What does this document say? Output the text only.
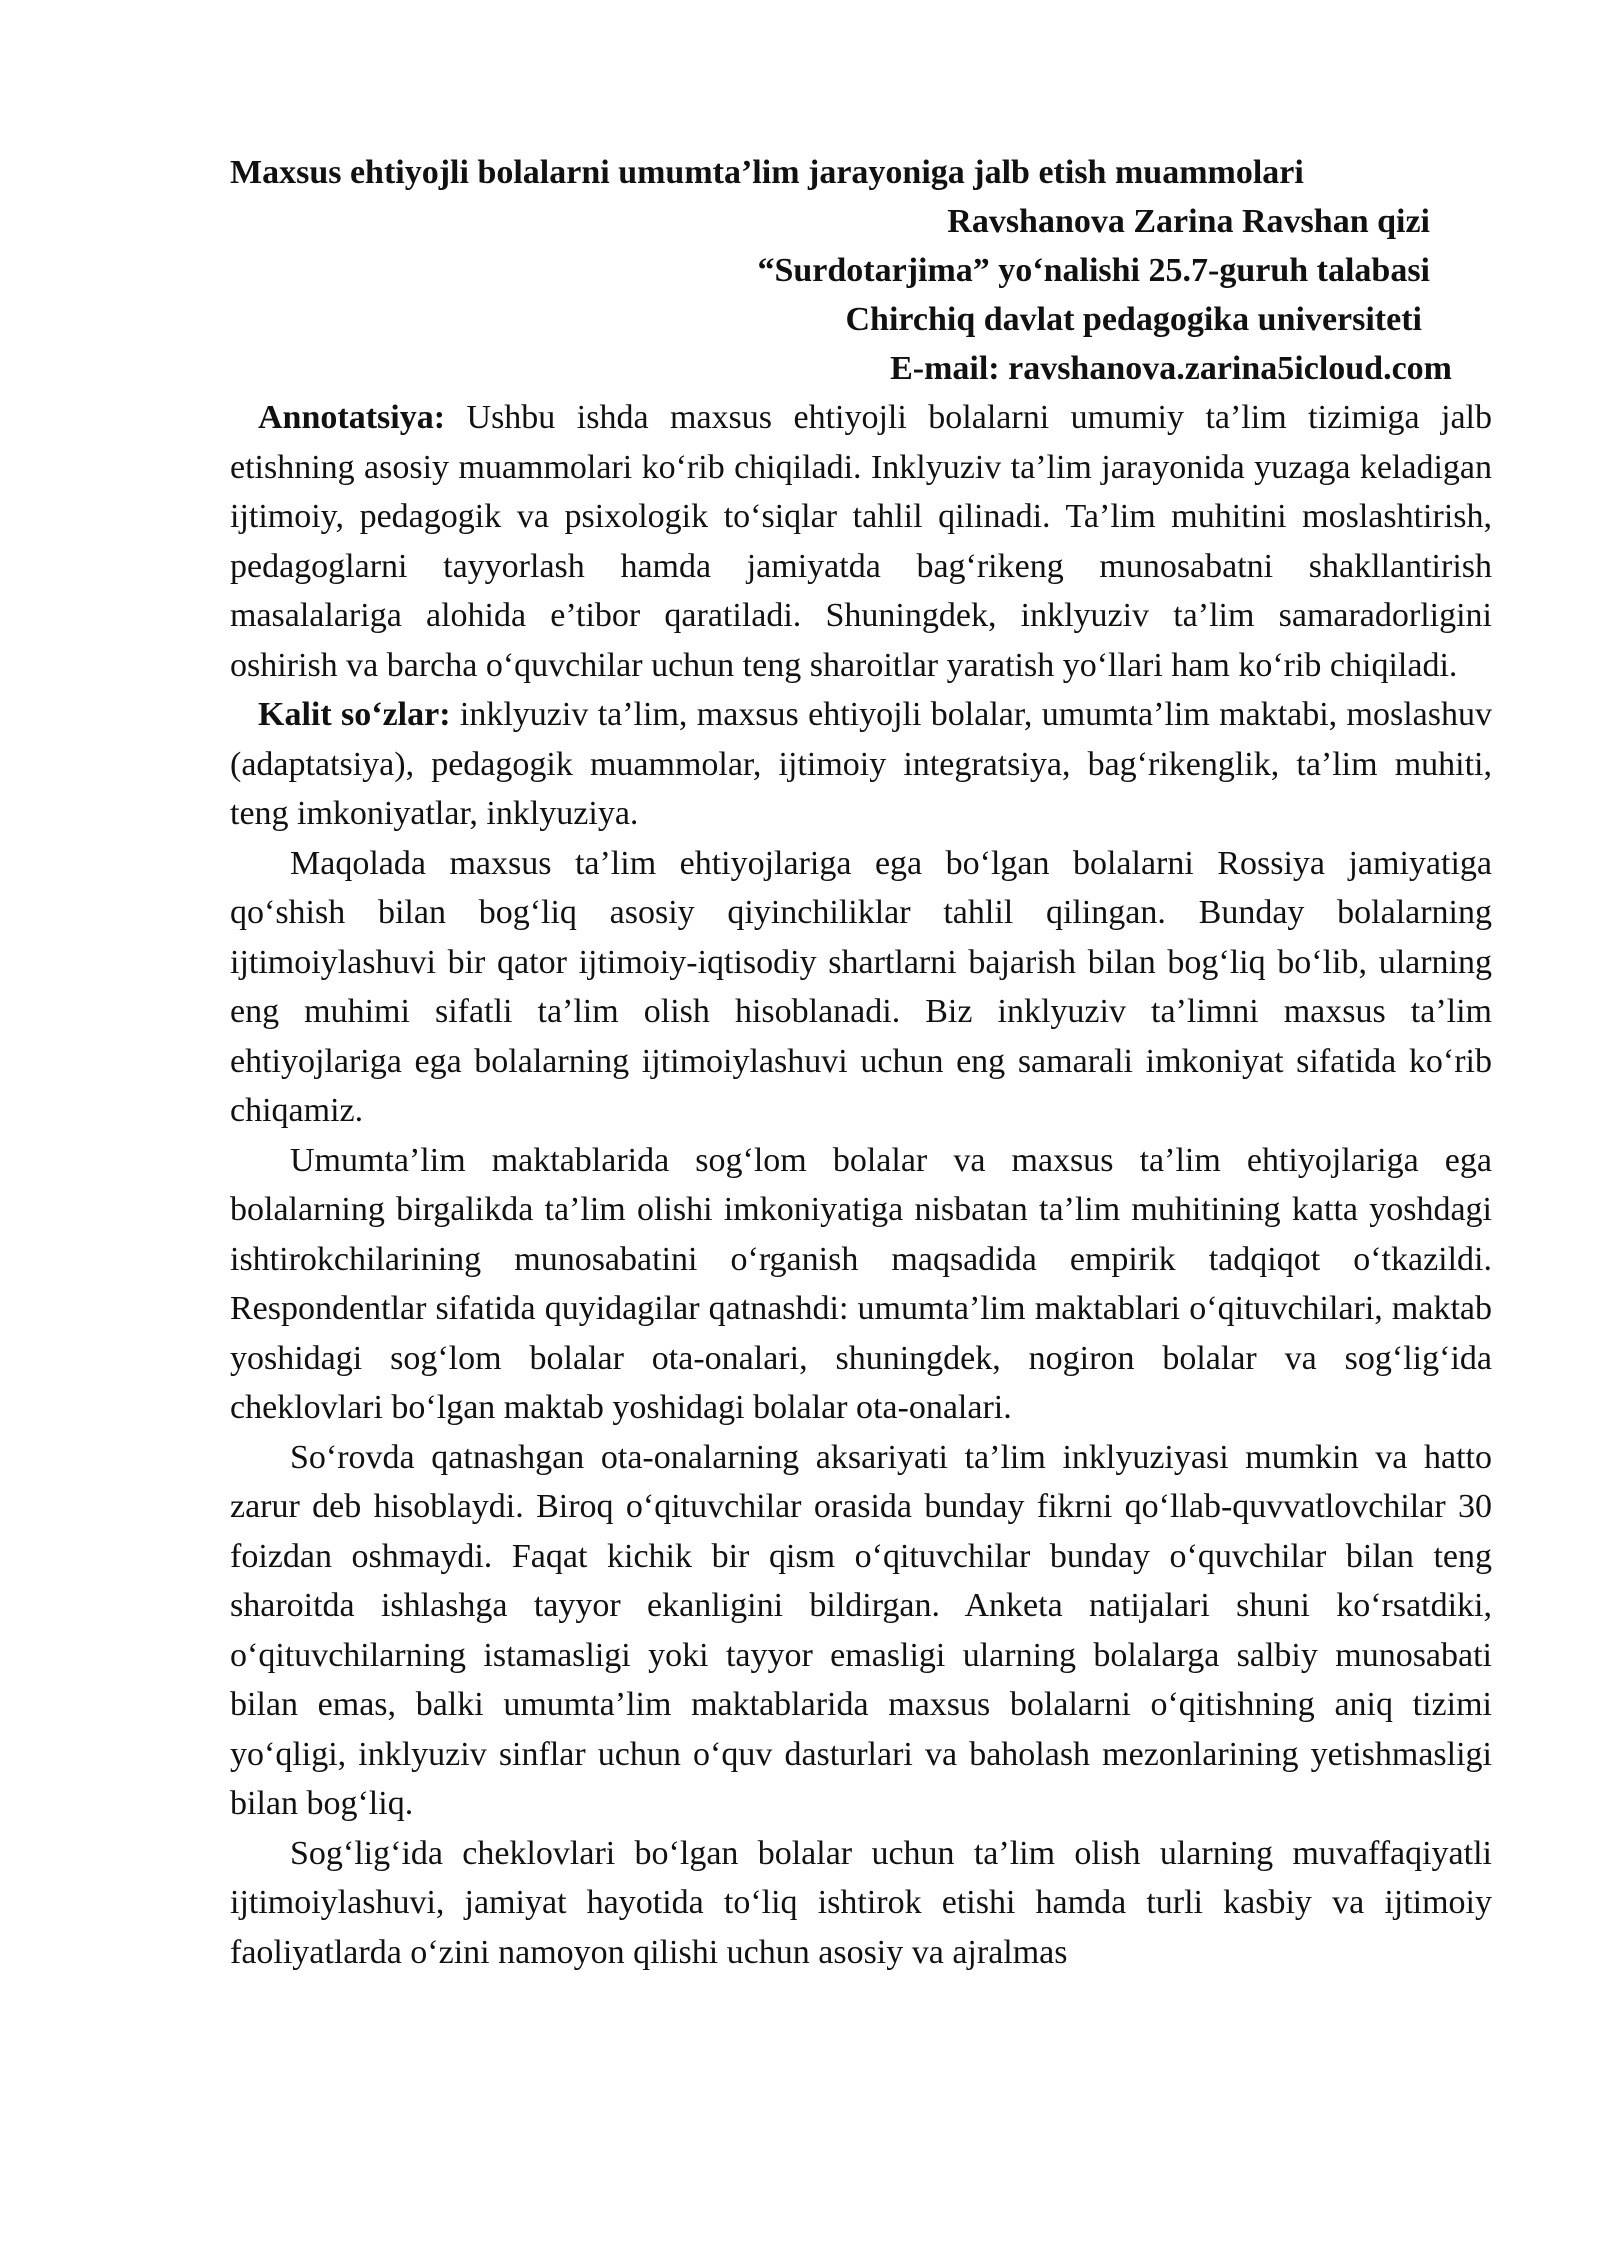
Maxsus ehtiyojli bolalarni umumta’lim jarayoniga jalb etish muammolari

Ravshanova Zarina Ravshan qizi

“Surdotarjima” yo‘nalishi 25.7-guruh talabasi

Chirchiq davlat pedagogika universiteti

E-mail: ravshanova.zarina5icloud.com

Annotatsiya: Ushbu ishda maxsus ehtiyojli bolalarni umumiy ta’lim tizimiga jalb etishning asosiy muammolari ko‘rib chiqiladi. Inklyuziv ta’lim jarayonida yuzaga keladigan ijtimoiy, pedagogik va psixologik to‘siqlar tahlil qilinadi. Ta’lim muhitini moslashtirish, pedagoglarni tayyorlash hamda jamiyatda bag‘rikeng munosabatni shakllantirish masalalariga alohida e’tibor qaratiladi. Shuningdek, inklyuziv ta’lim samaradorligini oshirish va barcha o‘quvchilar uchun teng sharoitlar yaratish yo‘llari ham ko‘rib chiqiladi.

Kalit so‘zlar: inklyuziv ta’lim, maxsus ehtiyojli bolalar, umumta’lim maktabi, moslashuv (adaptatsiya), pedagogik muammolar, ijtimoiy integratsiya, bag‘rikenglik, ta’lim muhiti, teng imkoniyatlar, inklyuziya.

Maqolada maxsus ta’lim ehtiyojlariga ega bo‘lgan bolalarni Rossiya jamiyatiga qo‘shish bilan bog‘liq asosiy qiyinchiliklar tahlil qilingan. Bunday bolalarning ijtimoiylashuvi bir qator ijtimoiy-iqtisodiy shartlarni bajarish bilan bog‘liq bo‘lib, ularning eng muhimi sifatli ta’lim olish hisoblanadi. Biz inklyuziv ta’limni maxsus ta’lim ehtiyojlariga ega bolalarning ijtimoiylashuvi uchun eng samarali imkoniyat sifatida ko‘rib chiqamiz.

Umumta’lim maktablarida sog‘lom bolalar va maxsus ta’lim ehtiyojlariga ega bolalarning birgalikda ta’lim olishi imkoniyatiga nisbatan ta’lim muhitining katta yoshdagi ishtirokchilarining munosabatini o‘rganish maqsadida empirik tadqiqot o‘tkazildi. Respondentlar sifatida quyidagilar qatnashdi: umumta’lim maktablari o‘qituvchilari, maktab yoshidagi sog‘lom bolalar ota-onalari, shuningdek, nogiron bolalar va sog‘lig‘ida cheklovlari bo‘lgan maktab yoshidagi bolalar ota-onalari.

So‘rovda qatnashgan ota-onalarning aksariyati ta’lim inklyuziyasi mumkin va hatto zarur deb hisoblaydi. Biroq o‘qituvchilar orasida bunday fikrni qo‘llab-quvvatlovchilar 30 foizdan oshmaydi. Faqat kichik bir qism o‘qituvchilar bunday o‘quvchilar bilan teng sharoitda ishlashga tayyor ekanligini bildirgan. Anketa natijalari shuni ko‘rsatdiki, o‘qituvchilarning istamasligi yoki tayyor emasligi ularning bolalarga salbiy munosabati bilan emas, balki umumta’lim maktablarida maxsus bolalarni o‘qitishning aniq tizimi yo‘qligi, inklyuziv sinflar uchun o‘quv dasturlari va baholash mezonlarining yetishmasligi bilan bog‘liq.

Sog‘lig‘ida cheklovlari bo‘lgan bolalar uchun ta’lim olish ularning muvaffaqiyatli ijtimoiylashuvi, jamiyat hayotida to‘liq ishtirok etishi hamda turli kasbiy va ijtimoiy faoliyatlarda o‘zini namoyon qilishi uchun asosiy va ajralmas
